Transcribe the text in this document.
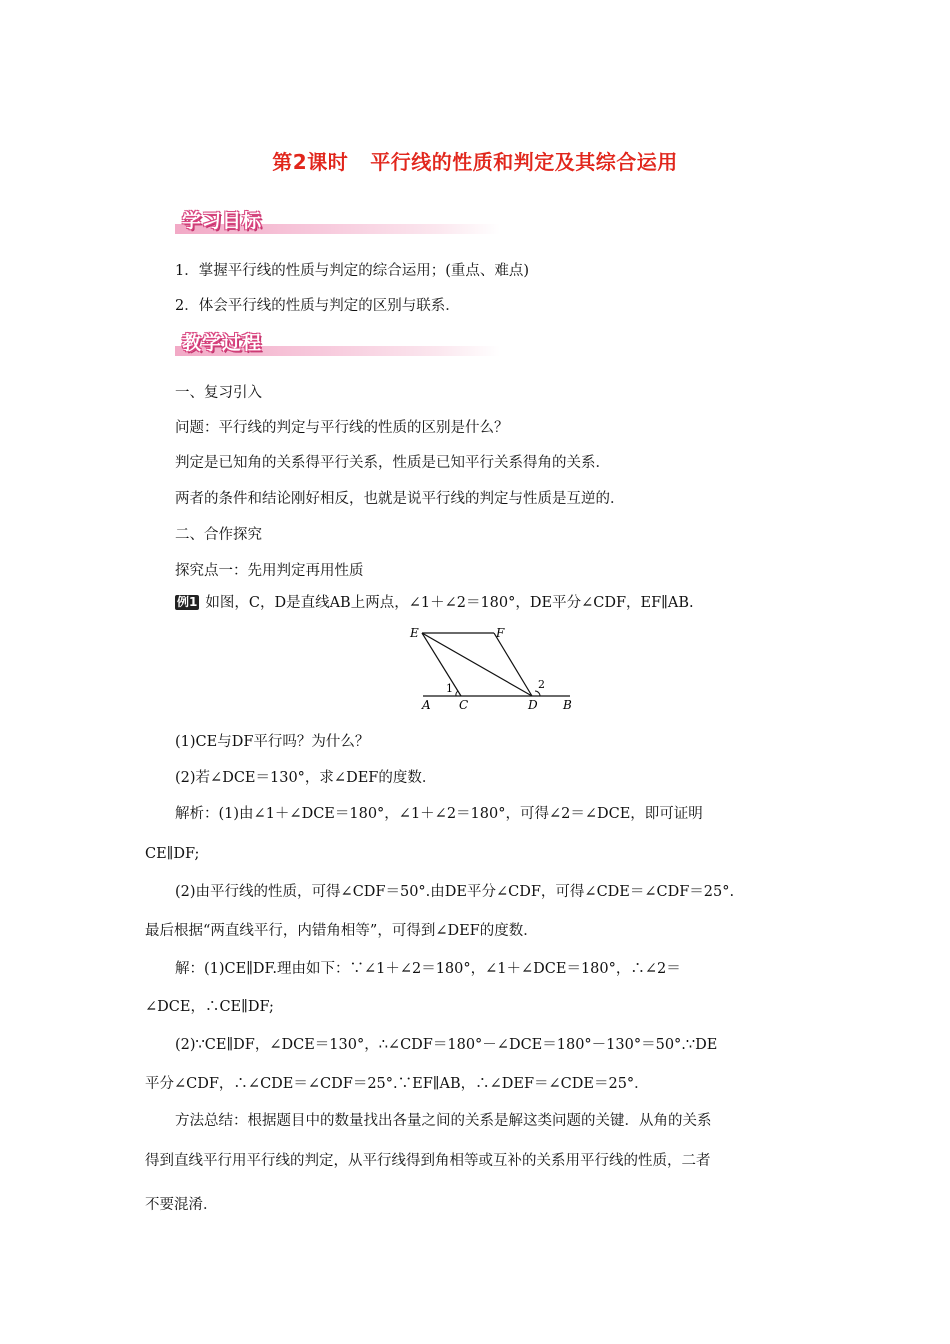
第2课时 平行线的性质和判定及其综合运用
学习目标
1．掌握平行线的性质与判定的综合运用；(重点、难点)
2．体会平行线的性质与判定的区别与联系．
教学过程
一、复习引入
问题：平行线的判定与平行线的性质的区别是什么？
判定是已知角的关系得平行关系，性质是已知平行关系得角的关系．
两者的条件和结论刚好相反，也就是说平行线的判定与性质是互逆的．
二、合作探究
探究点一：先用判定再用性质
例1 如图，C，D是直线AB上两点，∠1＋∠2＝180°，DE平分∠CDF，EF∥AB.
E	F
1	2
A C	D B
(1)CE与DF平行吗？为什么？
(2)若∠DCE＝130°，求∠DEF的度数．
解析：(1)由∠1＋∠DCE＝180°，∠1＋∠2＝180°，可得∠2＝∠DCE，即可证明
CE∥DF;
(2)由平行线的性质，可得∠CDF＝50°.由DE平分∠CDF，可得∠CDE＝∠CDF＝25°.
最后根据“两直线平行，内错角相等”，可得到∠DEF的度数．
解：(1)CE∥DF.理由如下：∵∠1＋∠2＝180°，∠1＋∠DCE＝180°，∴∠2＝
∠DCE，∴CE∥DF;
(2)∵CE∥DF，∠DCE＝130°，∴∠CDF＝180°－∠DCE＝180°－130°＝50°.∵DE
平分∠CDF，∴∠CDE＝∠CDF＝25°.∵EF∥AB，∴∠DEF＝∠CDE＝25°．
方法总结：根据题目中的数量找出各量之间的关系是解这类问题的关键．从角的关系
得到直线平行用平行线的判定，从平行线得到角相等或互补的关系用平行线的性质，二者
不要混淆．
